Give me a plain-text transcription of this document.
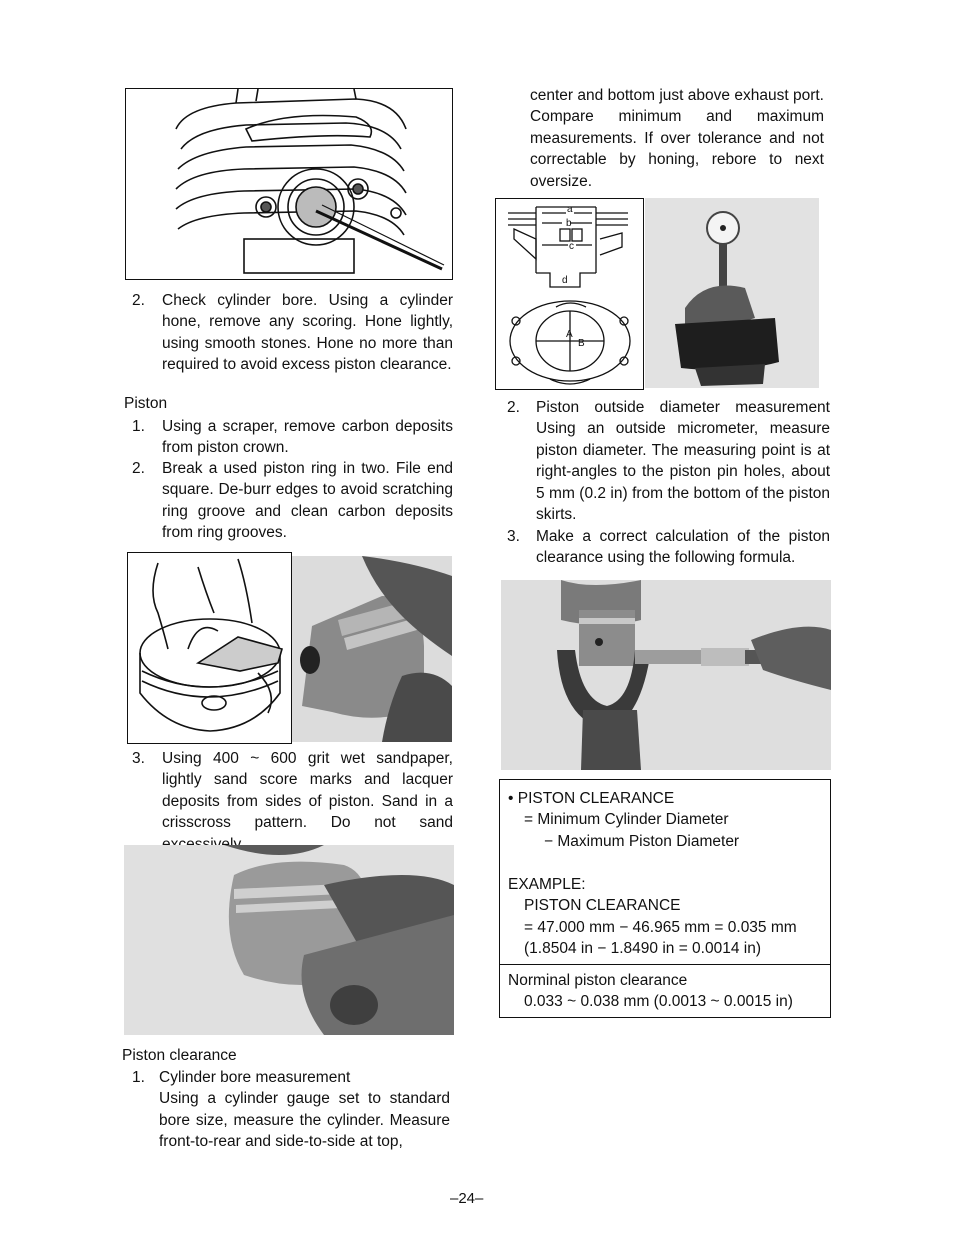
2.	Check cylinder bore. Using a cylinder hone, remove any scoring. Hone lightly, using smooth stones. Hone no more than required to avoid excess piston clearance.
Piston
1.	Using a scraper, remove carbon deposits from piston crown.
2.	Break a used piston ring in two. File end square. De-burr edges to avoid scratching ring groove and clean carbon deposits from ring grooves.
3.	Using 400 ~ 600 grit wet sandpaper, lightly sand score marks and lacquer deposits from sides of piston. Sand in a crisscross pattern. Do not sand
Piston clearance
1. Cylinder bore measurement
Using a cylinder gauge set to standard bore size, measure the cylinder. Measure front-to-rear and side-to-side at top,
center and bottom just above exhaust port. Compare minimum and maximum measurements. If over tolerance and not correctable by honing, rebore to next oversize.
a
b
c
d
A
B
2.	Piston outside diameter measurement Using an outside micrometer, measure piston diameter. The measuring point is at right-angles to the piston pin holes, about 5 mm (0.2 in) from the bottom of the piston skirts.
3.	Make a correct calculation of the piston clearance using the following formula.
• PISTON CLEARANCE
= Minimum Cylinder Diameter
− Maximum Piston Diameter
EXAMPLE:
PISTON CLEARANCE
= 47.000 mm − 46.965 mm = 0.035 mm
(1.8504 in − 1.8490 in = 0.0014 in)
Norminal piston clearance
0.033 ~ 0.038 mm (0.0013 ~ 0.0015 in)
–24–
